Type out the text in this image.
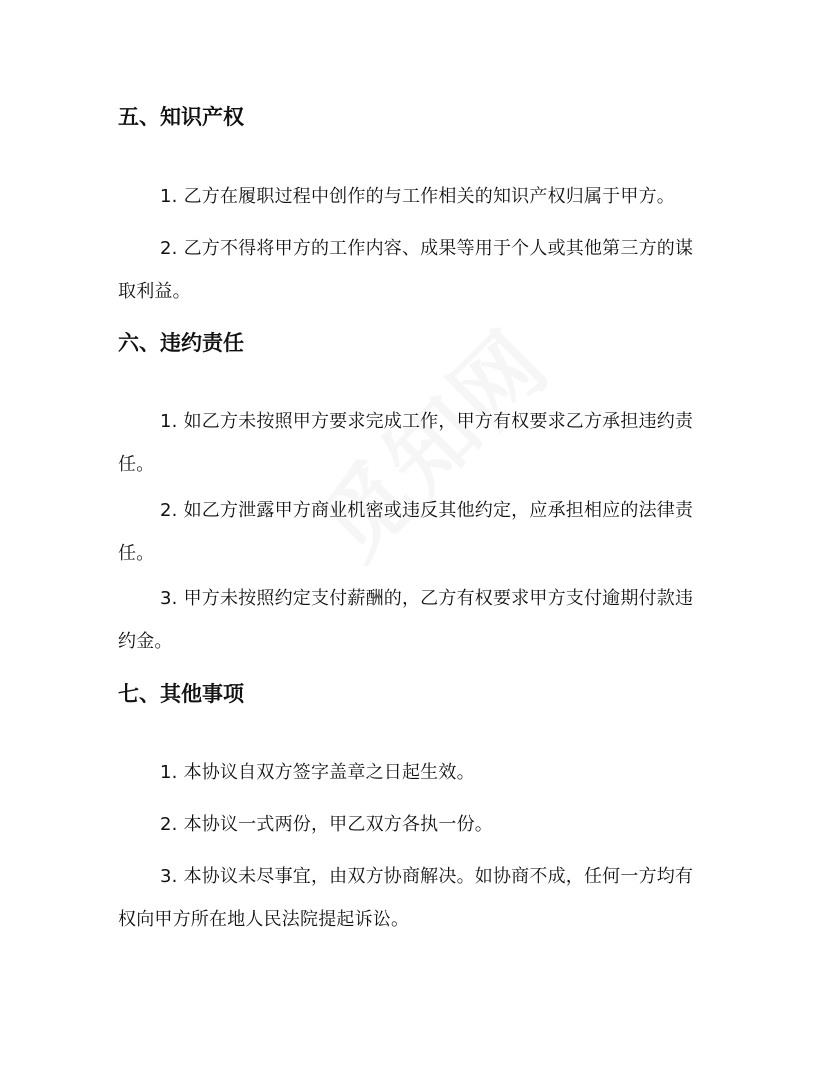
五、知识产权

1. 乙方在履职过程中创作的与工作相关的知识产权归属于甲方。

2. 乙方不得将甲方的工作内容、成果等用于个人或其他第三方的谋取利益。

六、违约责任

1. 如乙方未按照甲方要求完成工作，甲方有权要求乙方承担违约责任。

2. 如乙方泄露甲方商业机密或违反其他约定，应承担相应的法律责任。

3. 甲方未按照约定支付薪酬的，乙方有权要求甲方支付逾期付款违约金。

七、其他事项

1. 本协议自双方签字盖章之日起生效。

2. 本协议一式两份，甲乙双方各执一份。

3. 本协议未尽事宜，由双方协商解决。如协商不成，任何一方均有权向甲方所在地人民法院提起诉讼。
